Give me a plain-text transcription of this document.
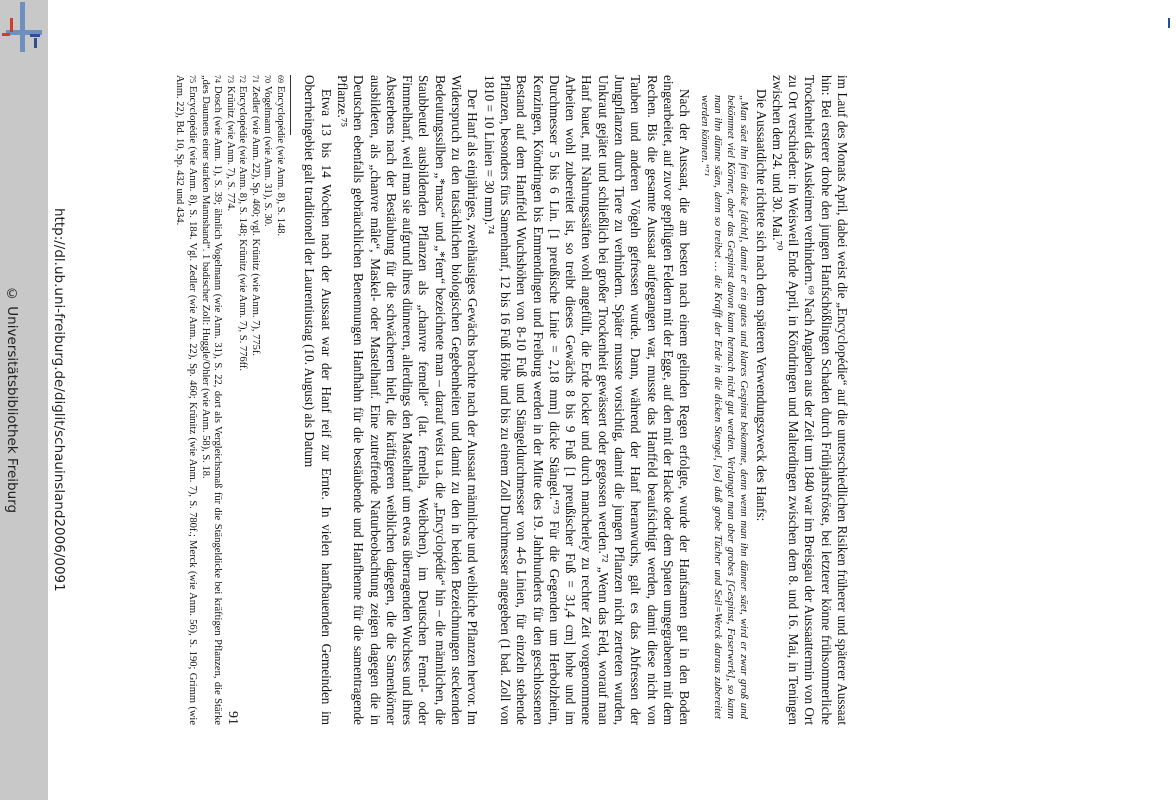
http://dl.ub.uni-freiburg.de/diglit/schauinsland2006/0091
© Universitätsbibliothek Freiburg	im Lauf des Monats April, dabei weist die „Encyclopédie“ auf die unterschiedlichen Risiken früherer und späterer Aussaat hin: Bei ersterer drohe den jungen Hanfschößlingen Schaden durch Frühjahrsfröste, bei letzterer könne frühsommerliche Trockenheit das Auskeimen verhindern.⁶⁹ Nach Angaben aus der Zeit um 1840 war im Breisgau der Aussaattermin von Ort zu Ort verschieden: in Weisweil Ende April, in Köndringen und Malterdingen zwischen dem 8. und 16. Mai, in Teningen zwischen dem 24. und 30. Mai.⁷⁰

Die Aussaatdichte richtete sich nach dem späteren Verwendungszweck des Hanfs:

„Man säet ihn fein dicke [dicht], damit er ein gutes und klares Gespinst bekomme, denn wenn man ihn dünner säet, wird er zwar groß und bekömmet viel Körner, aber das Gespinst davon kann hernach nicht gut werden. Verlanget man aber grobes [Gespinst, Faserwerk], so kann man ihn dünne säen, denn so treibet … die Krafft der Erde in die dicken Stengel, [so] daß grobe Tücher und Seil=Werck daraus zubereitet werden können.“⁷¹

Nach der Aussaat, die am besten nach einem gelinden Regen erfolgte, wurde der Hanfsamen gut in den Boden eingearbeitet, auf zuvor gepflügten Feldern mit der Egge, auf den mit der Hacke oder dem Spaten umgegrabenen mit dem Rechen. Bis die gesamte Aussaat aufgegangen war, musste das Hanffeld beaufsichtigt werden, damit diese nicht von Tauben und anderen Vögeln gefressen wurde. Dann, während der Hanf heranwuchs, galt es das Abfressen der Jungpflanzen durch Tiere zu verhindern. Später musste vorsichtig, damit die jungen Pflanzen nicht zertreten wurden, Unkraut gejätet und schließlich bei großer Trockenheit gewässert oder gegossen werden.⁷² „Wenn das Feld, worauf man Hanf bauet, mit Nahrungssäften wohl angefüllt, die Erde locker und durch mancherley zu rechter Zeit vorgenommene Arbeiten wohl zubereitet ist, so treibt dieses Gewächs 8 bis 9 Fuß [1 preußischer Fuß = 31,4 cm] hohe und im Durchmesser 5 bis 6 Lin. [1 preußische Linie = 2,18 mm] dicke Stängel.“⁷³ Für die Gegenden um Herbolzheim, Kenzingen, Köndringen bis Emmendingen und Freiburg werden in der Mitte des 19. Jahrhunderts für den geschlossenen Bestand auf dem Hanffeld Wuchshöhen von 8-10 Fuß und Stängeldurchmesser von 4-6 Linien, für einzeln stehende Pflanzen, besonders fürs Samenhanf, 12 bis 16 Fuß Höhe und bis zu einem Zoll Durchmesser angegeben (1 bad. Zoll von 1810 = 10 Linien = 30 mm).⁷⁴

Der Hanf als einjähriges, zweihäusiges Gewächs brachte nach der Aussaat männliche und weibliche Pflanzen hervor. Im Widerspruch zu den tatsächlichen biologischen Gegebenheiten und damit zu den in beiden Bezeichnungen steckenden Bedeutungssilben „*masc“ und „*fem“ bezeichnete man – darauf weist u.a. die „Encyclopédie“ hin – die männlichen, die Staubbeutel ausbildenden Pflanzen als „chanvre femelle“ (lat. femella, Weibchen), im Deutschen Femel- oder Fimmelhanf, weil man sie aufgrund ihres dünneren, allerdings den Mastelhanf um etwas überragenden Wuchses und ihres Absterbens nach der Bestäubung für die schwächeren hielt, die kräftigeren weiblichen dagegen, die die Samenkörner ausbildeten, als „chanvre mâle“, Maskel- oder Mastelhanf. Eine zutreffende Naturbeobachtung zeigen dagegen die in Deutschen ebenfalls gebräuchlichen Benennungen Hanfhahn für die bestäubende und Hanfhenne für die samentragende Pflanze.⁷⁵

Etwa 13 bis 14 Wochen nach der Aussaat war der Hanf reif zur Ernte. In vielen hanfbauenden Gemeinden im Oberrheingebiet galt traditionell der Laurentiustag (10. August) als Datum

$^{69}$Encyclopédie (wie Anm. 8), S. 148.

$^{70}$Vogelmann (wie Anm. 31), S. 30.

$^{71}$Zedler (wie Anm. 22), Sp. 460; vgl. Krünitz (wie Anm. 7), 775f.

$^{72}$Encyclopédie (wie Anm. 8), S. 148; Krünitz (wie Anm. 7), S. 776ff.

$^{73}$Krünitz (wie Anm. 7), S. 774.

$^{74}$Dosch (wie Anm. 1), S. 39; ähnlich Vogelmann (wie Anm. 31), S. 22, dort als Vergleichsmaß für die Stängeldicke bei kräftigen Pflanzen, die Stärke „des Daumens einer starken Mannshand“. 1 badischer Zoll: Huggle/Ohler (wie Anm. 58), S. 18.

$^{75}$Encyclopédie (wie Anm. 8), S. 184. Vgl. Zedler (wie Anm. 22), Sp. 460; Krünitz (wie Anm. 7), S. 780f.; Merck (wie Anm. 56), S. 190; Grimm (wie Anm. 22), Bd. 10, Sp. 432 und 434.

91
